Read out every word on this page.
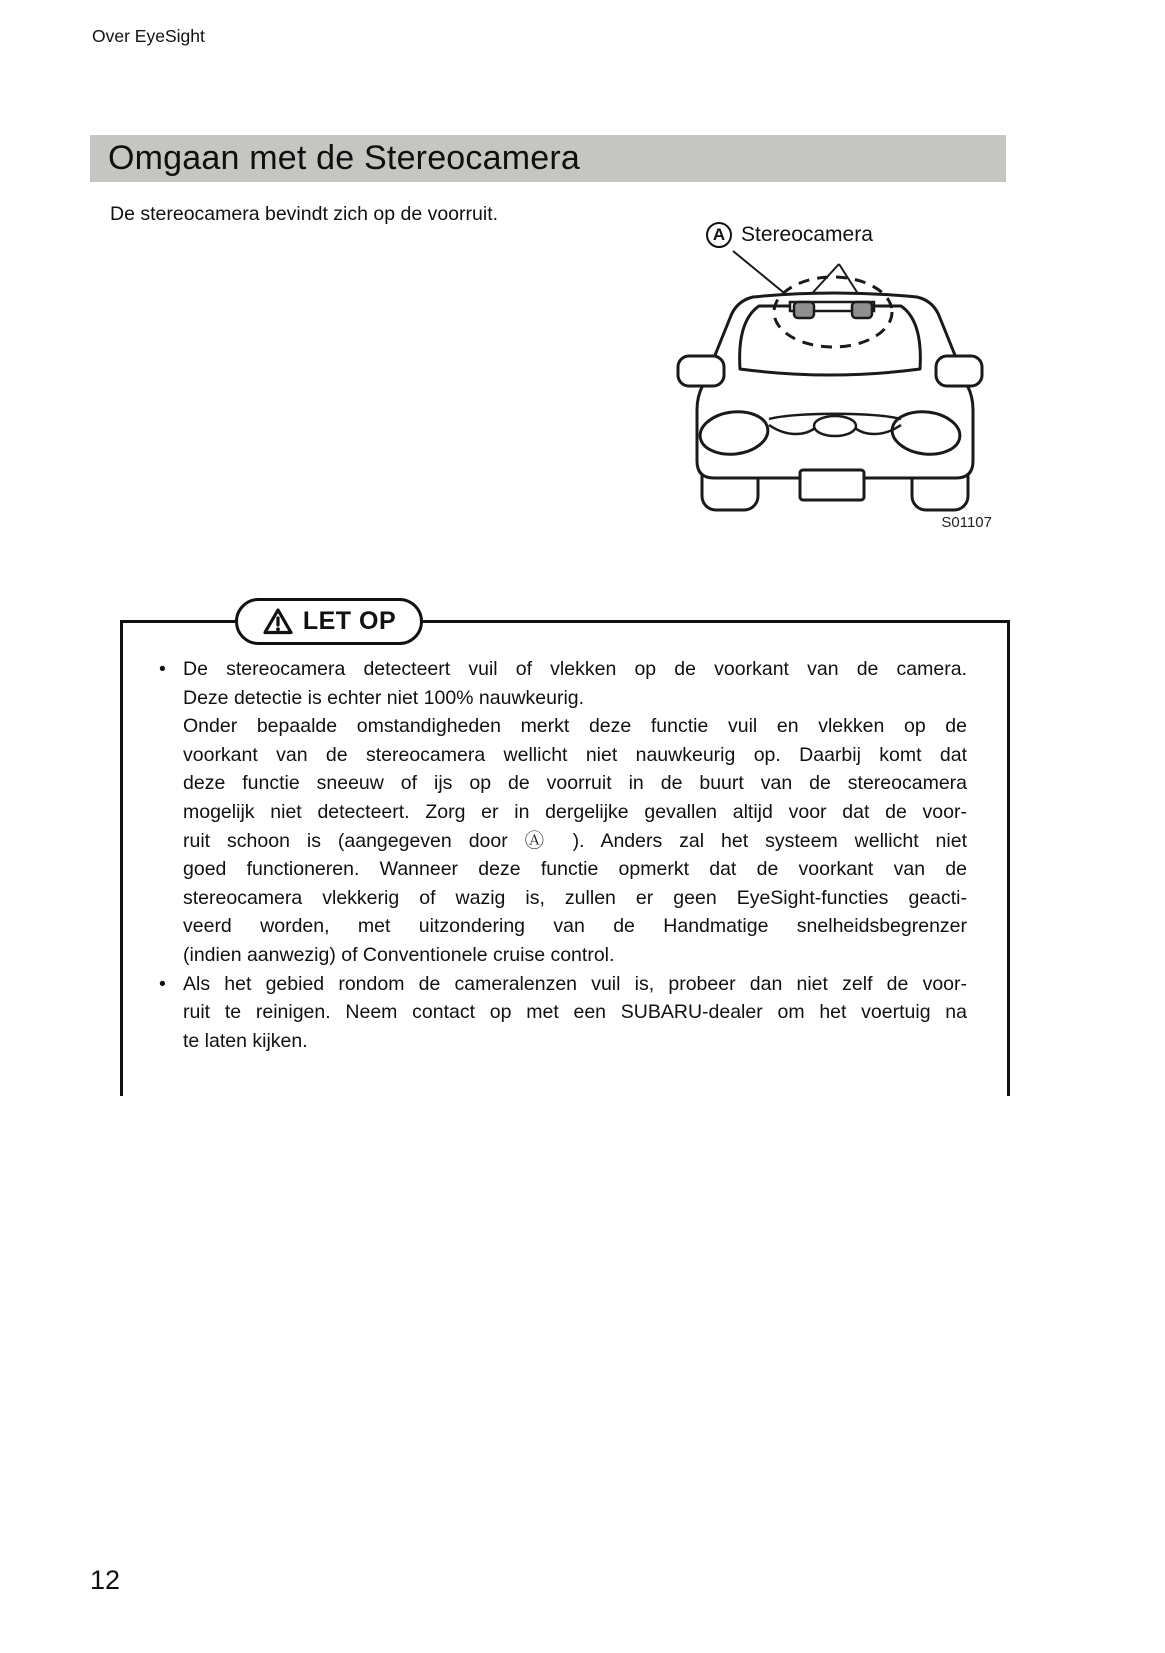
Over EyeSight
Omgaan met de Stereocamera
De stereocamera bevindt zich op de voorruit.
A Stereocamera
S01107
LET OP
• De stereocamera detecteert vuil of vlekken op de voorkant van de camera.
Deze detectie is echter niet 100% nauwkeurig.
Onder bepaalde omstandigheden merkt deze functie vuil en vlekken op de
voorkant van de stereocamera wellicht niet nauwkeurig op. Daarbij komt dat
deze functie sneeuw of ijs op de voorruit in de buurt van de stereocamera
mogelijk niet detecteert. Zorg er in dergelijke gevallen altijd voor dat de voor-
ruit schoon is (aangegeven door Ⓐ ). Anders zal het systeem wellicht niet
goed functioneren. Wanneer deze functie opmerkt dat de voorkant van de
stereocamera vlekkerig of wazig is, zullen er geen EyeSight-functies geacti-
veerd worden, met uitzondering van de Handmatige snelheidsbegrenzer
(indien aanwezig) of Conventionele cruise control.
• Als het gebied rondom de cameralenzen vuil is, probeer dan niet zelf de voor-
ruit te reinigen. Neem contact op met een SUBARU-dealer om het voertuig na
te laten kijken.
12
